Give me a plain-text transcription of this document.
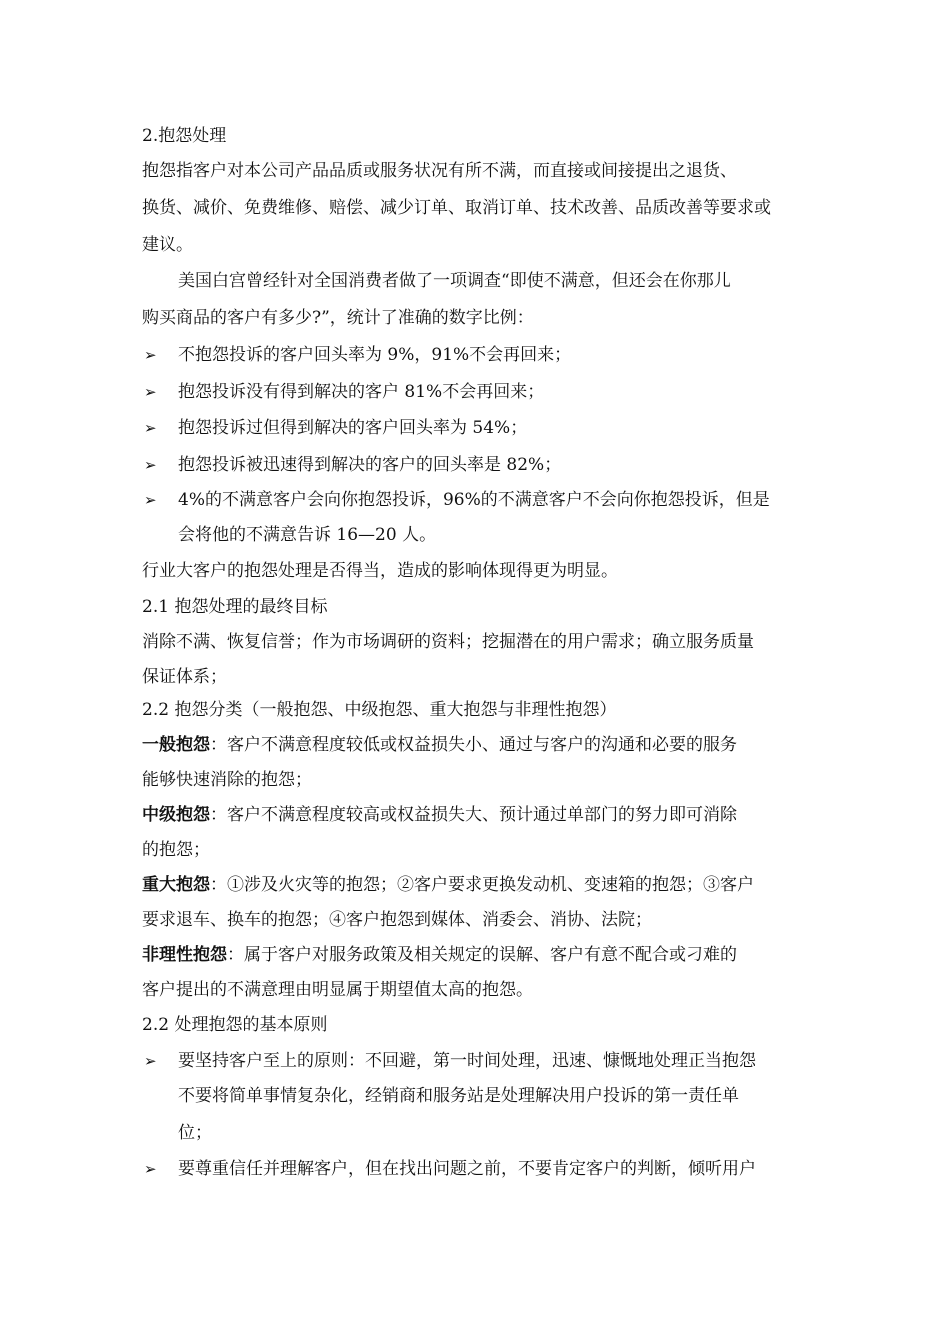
2.抱怨处理
抱怨指客户对本公司产品品质或服务状况有所不满，而直接或间接提出之退货、
换货、减价、免费维修、赔偿、减少订单、取消订单、技术改善、品质改善等要求或
建议。
美国白宫曾经针对全国消费者做了一项调查“即使不满意，但还会在你那儿
购买商品的客户有多少?”，统计了准确的数字比例：
➢ 不抱怨投诉的客户回头率为 9%，91%不会再回来；
➢ 抱怨投诉没有得到解决的客户 81%不会再回来；
➢ 抱怨投诉过但得到解决的客户回头率为 54%；
➢ 抱怨投诉被迅速得到解决的客户的回头率是 82%；
➢ 4%的不满意客户会向你抱怨投诉，96%的不满意客户不会向你抱怨投诉，但是
会将他的不满意告诉 16—20 人。
行业大客户的抱怨处理是否得当，造成的影响体现得更为明显。
2.1 抱怨处理的最终目标
消除不满、恢复信誉；作为市场调研的资料；挖掘潜在的用户需求；确立服务质量
保证体系；
2.2 抱怨分类（一般抱怨、中级抱怨、重大抱怨与非理性抱怨）
一般抱怨：客户不满意程度较低或权益损失小、通过与客户的沟通和必要的服务
能够快速消除的抱怨；
中级抱怨：客户不满意程度较高或权益损失大、预计通过单部门的努力即可消除
的抱怨；
重大抱怨：①涉及火灾等的抱怨；②客户要求更换发动机、变速箱的抱怨；③客户
要求退车、换车的抱怨；④客户抱怨到媒体、消委会、消协、法院；
非理性抱怨：属于客户对服务政策及相关规定的误解、客户有意不配合或刁难的
客户提出的不满意理由明显属于期望值太高的抱怨。
2.2 处理抱怨的基本原则
➢ 要坚持客户至上的原则：不回避，第一时间处理，迅速、慷慨地处理正当抱怨
不要将简单事情复杂化，经销商和服务站是处理解决用户投诉的第一责任单
位；
➢ 要尊重信任并理解客户，但在找出问题之前，不要肯定客户的判断，倾听用户
